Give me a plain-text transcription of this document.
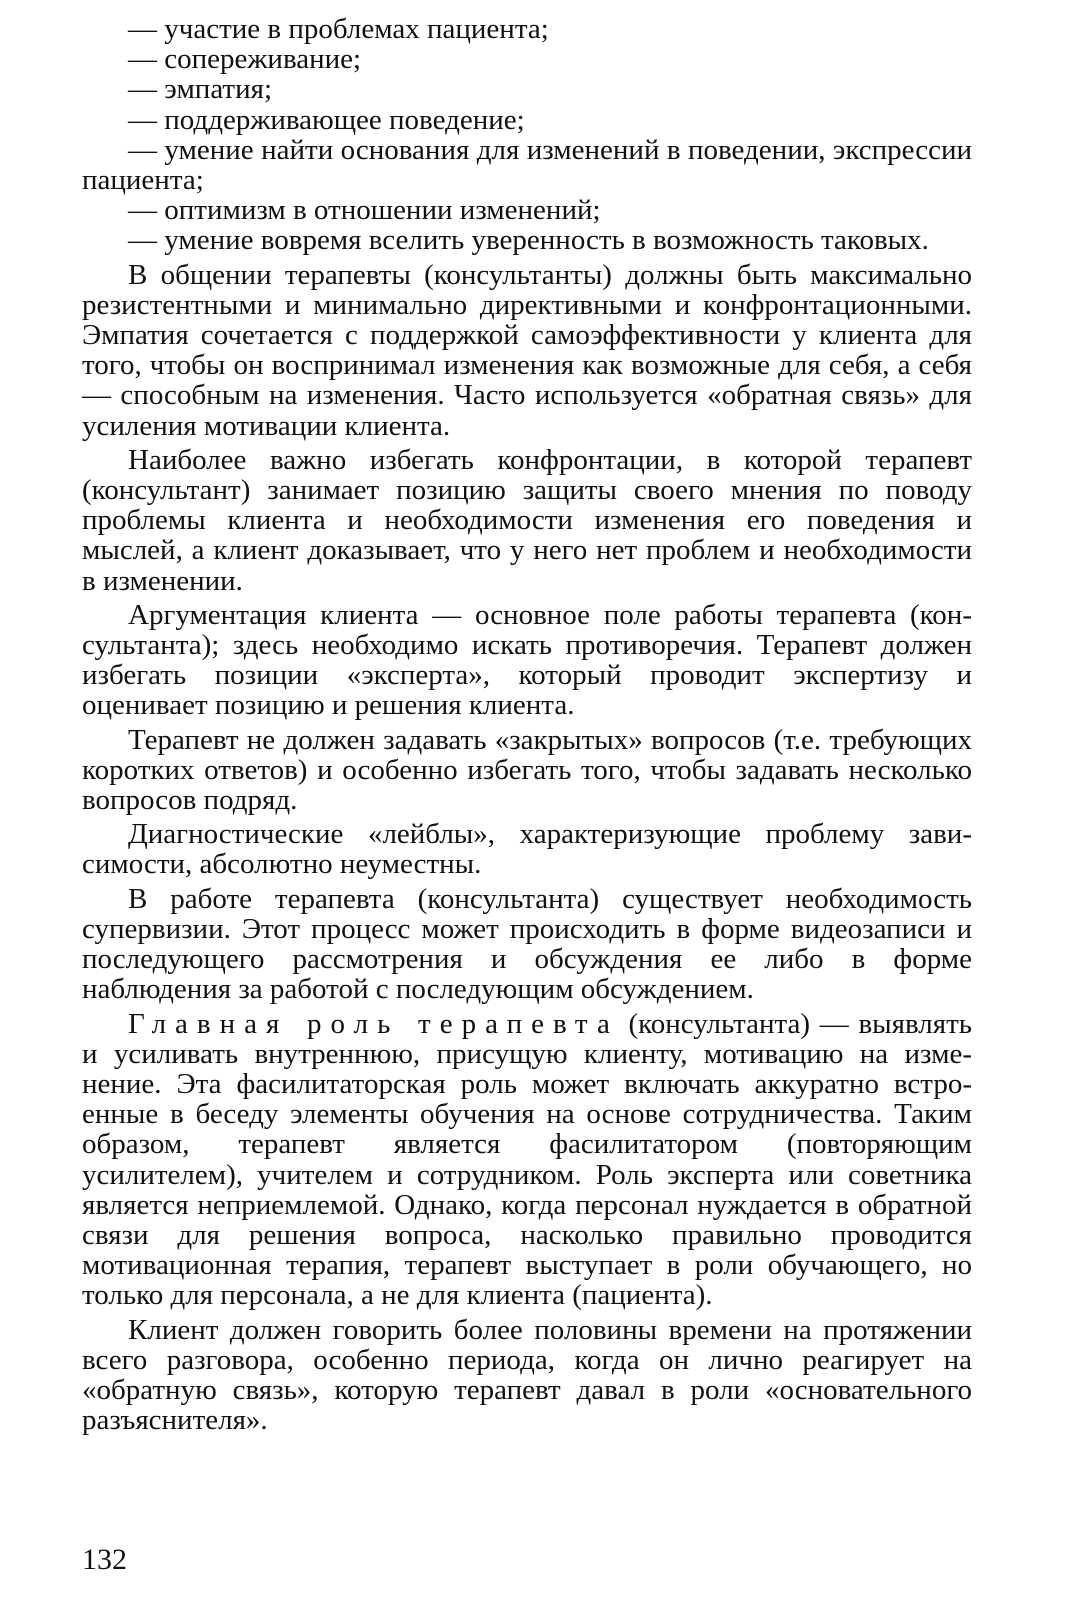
— участие в проблемах пациента;

— сопереживание;

— эмпатия;

— поддерживающее поведение;

— умение найти основания для изменений в поведении, экспрессии пациента;

— оптимизм в отношении изменений;

— умение вовремя вселить уверенность в возможность таковых.

В общении терапевты (консультанты) должны быть максимально резистентными и минимально директивными и конфронтационными. Эмпатия сочетается с поддержкой самоэффективности у клиента для того, чтобы он воспринимал изменения как возможные для себя, а себя — способным на изменения. Часто используется «обратная связь» для усиления мотивации клиента.

Наиболее важно избегать конфронтации, в которой терапевт (консультант) занимает позицию защиты своего мнения по поводу проблемы клиента и необходимости изменения его поведения и мыслей, а клиент доказывает, что у него нет проблем и необходимости в изменении.

Аргументация клиента — основное поле работы терапевта (консультанта); здесь необходимо искать противоречия. Терапевт должен избегать позиции «эксперта», который проводит экспертизу и оценивает позицию и решения клиента.

Терапевт не должен задавать «закрытых» вопросов (т.е. требующих коротких ответов) и особенно избегать того, чтобы задавать несколько вопросов подряд.

Диагностические «лейблы», характеризующие проблему зависимости, абсолютно неуместны.

В работе терапевта (консультанта) существует необходимость супервизии. Этот процесс может происходить в форме видеозаписи и последующего рассмотрения и обсуждения ее либо в форме наблюдения за работой с последующим обсуждением.

Главная роль терапевта (консультанта) — выявлять и усиливать внутреннюю, присущую клиенту, мотивацию на изменение. Эта фасилитаторская роль может включать аккуратно встроенные в беседу элементы обучения на основе сотрудничества. Таким образом, терапевт является фасилитатором (повторяющим усилителем), учителем и сотрудником. Роль эксперта или советника является неприемлемой. Однако, когда персонал нуждается в обратной связи для решения вопроса, насколько правильно проводится мотивационная терапия, терапевт выступает в роли обучающего, но только для персонала, а не для клиента (пациента).

Клиент должен говорить более половины времени на протяжении всего разговора, особенно периода, когда он лично реагирует на «обратную связь», которую терапевт давал в роли «основательного разъяснителя».

132
